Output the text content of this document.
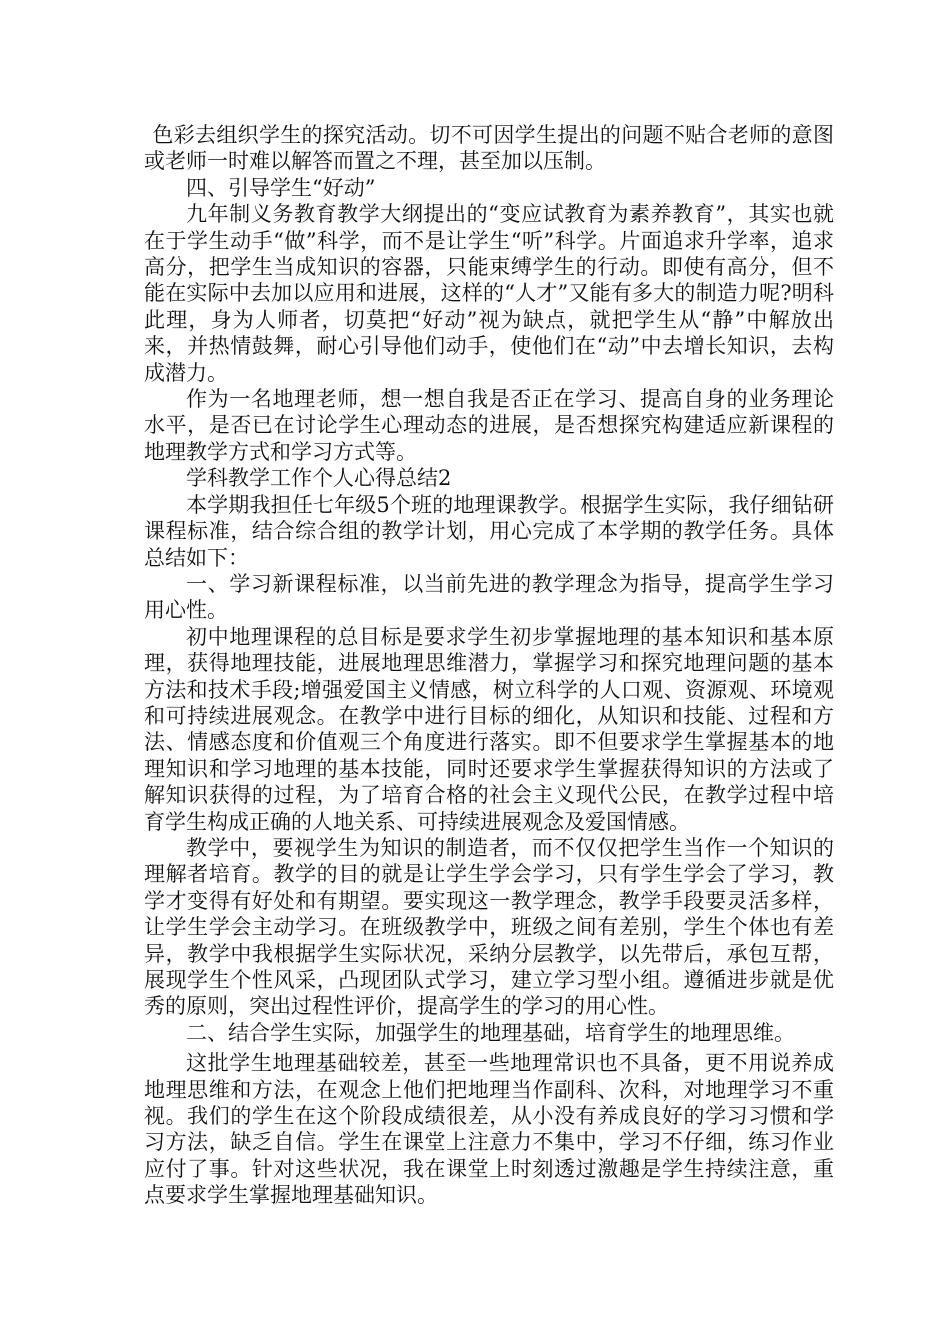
色彩去组织学生的探究活动。切不可因学生提出的问题不贴合老师的意图或老师一时难以解答而置之不理，甚至加以压制。

四、引导学生“好动”

九年制义务教育教学大纲提出的“变应试教育为素养教育”，其实也就在于学生动手“做”科学，而不是让学生“听”科学。片面追求升学率，追求高分，把学生当成知识的容器，只能束缚学生的行动。即使有高分，但不能在实际中去加以应用和进展，这样的“人才”又能有多大的制造力呢?明科此理，身为人师者，切莫把“好动”视为缺点，就把学生从“静”中解放出来，并热情鼓舞，耐心引导他们动手，使他们在“动”中去增长知识，去构成潜力。

作为一名地理老师，想一想自我是否正在学习、提高自身的业务理论水平，是否已在讨论学生心理动态的进展，是否想探究构建适应新课程的地理教学方式和学习方式等。

学科教学工作个人心得总结2

本学期我担任七年级5个班的地理课教学。根据学生实际，我仔细钻研课程标准，结合综合组的教学计划，用心完成了本学期的教学任务。具体总结如下：

一、学习新课程标准，以当前先进的教学理念为指导，提高学生学习用心性。

初中地理课程的总目标是要求学生初步掌握地理的基本知识和基本原理，获得地理技能，进展地理思维潜力，掌握学习和探究地理问题的基本方法和技术手段;增强爱国主义情感，树立科学的人口观、资源观、环境观和可持续进展观念。在教学中进行目标的细化，从知识和技能、过程和方法、情感态度和价值观三个角度进行落实。即不但要求学生掌握基本的地理知识和学习地理的基本技能，同时还要求学生掌握获得知识的方法或了解知识获得的过程，为了培育合格的社会主义现代公民，在教学过程中培育学生构成正确的人地关系、可持续进展观念及爱国情感。

教学中，要视学生为知识的制造者，而不仅仅把学生当作一个知识的理解者培育。教学的目的就是让学生学会学习，只有学生学会了学习，教学才变得有好处和有期望。要实现这一教学理念，教学手段要灵活多样，让学生学会主动学习。在班级教学中，班级之间有差别，学生个体也有差异，教学中我根据学生实际状况，采纳分层教学，以先带后，承包互帮，展现学生个性风采，凸现团队式学习，建立学习型小组。遵循进步就是优秀的原则，突出过程性评价，提高学生的学习的用心性。

二、结合学生实际，加强学生的地理基础，培育学生的地理思维。

这批学生地理基础较差，甚至一些地理常识也不具备，更不用说养成地理思维和方法，在观念上他们把地理当作副科、次科，对地理学习不重视。我们的学生在这个阶段成绩很差，从小没有养成良好的学习习惯和学习方法，缺乏自信。学生在课堂上注意力不集中，学习不仔细，练习作业应付了事。针对这些状况，我在课堂上时刻透过激趣是学生持续注意，重点要求学生掌握地理基础知识。
